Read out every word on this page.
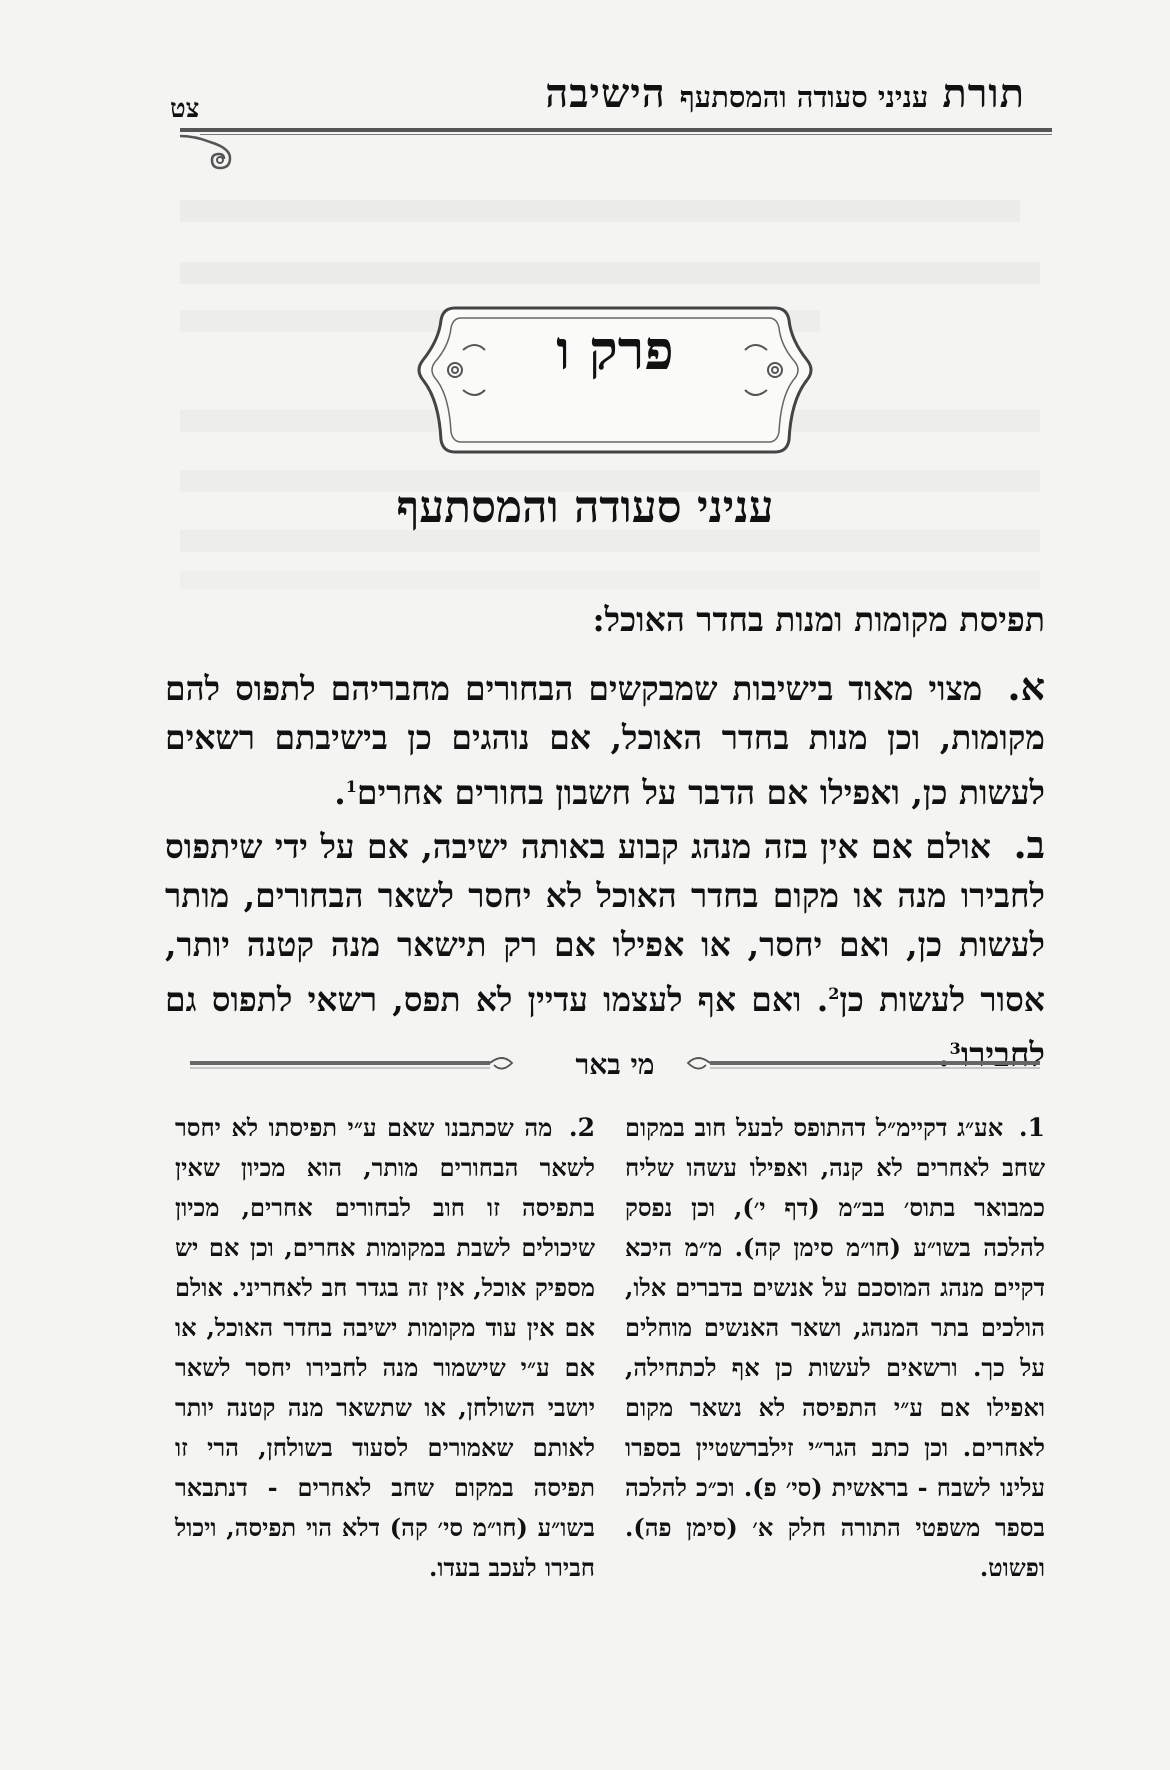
תורת
עניני סעודה והמסתעף
הישיבה
צט
פרק ו
עניני סעודה והמסתעף
תפיסת מקומות ומנות בחדר האוכל:
א. מצוי מאוד בישיבות שמבקשים הבחורים מחבריהם לתפוס להם מקומות, וכן מנות בחדר האוכל, אם נוהגים כן בישיבתם רשאים לעשות כן, ואפילו אם הדבר על חשבון בחורים אחרים$^1$.
ב. אולם אם אין בזה מנהג קבוע באותה ישיבה, אם על ידי שיתפוס לחבירו מנה או מקום בחדר האוכל לא יחסר לשאר הבחורים, מותר לעשות כן, ואם יחסר, או אפילו אם רק תישאר מנה קטנה יותר, אסור לעשות כן$^2$. ואם אף לעצמו עדיין לא תפס, רשאי לתפוס גם לחבירו$^3$.
מי באר
1. אע״ג דקיימ״ל דהתופס לבעל חוב במקום שחב לאחרים לא קנה, ואפילו עשהו שליח כמבואר בתוס׳ בב״מ (דף י׳), וכן נפסק להלכה בשו״ע (חו״מ סימן קה). מ״מ היכא דקיים מנהג המוסכם על אנשים בדברים אלו, הולכים בתר המנהג, ושאר האנשים מוחלים על כך. ורשאים לעשות כן אף לכתחילה, ואפילו אם ע״י התפיסה לא נשאר מקום לאחרים. וכן כתב הגר״י זילברשטיין בספרו עלינו לשבח - בראשית (סי׳ פ). וכ״כ להלכה בספר משפטי התורה חלק א׳ (סימן פה). ופשוט.
2. מה שכתבנו שאם ע״י תפיסתו לא יחסר לשאר הבחורים מותר, הוא מכיון שאין בתפיסה זו חוב לבחורים אחרים, מכיון שיכולים לשבת במקומות אחרים, וכן אם יש מספיק אוכל, אין זה בגדר חב לאחריני. אולם אם אין עוד מקומות ישיבה בחדר האוכל, או אם ע״י שישמור מנה לחבירו יחסר לשאר יושבי השולחן, או שתשאר מנה קטנה יותר לאותם שאמורים לסעוד בשולחן, הרי זו תפיסה במקום שחב לאחרים - דנתבאר בשו״ע (חו״מ סי׳ קה) דלא הוי תפיסה, ויכול חבירו לעכב בעדו.
